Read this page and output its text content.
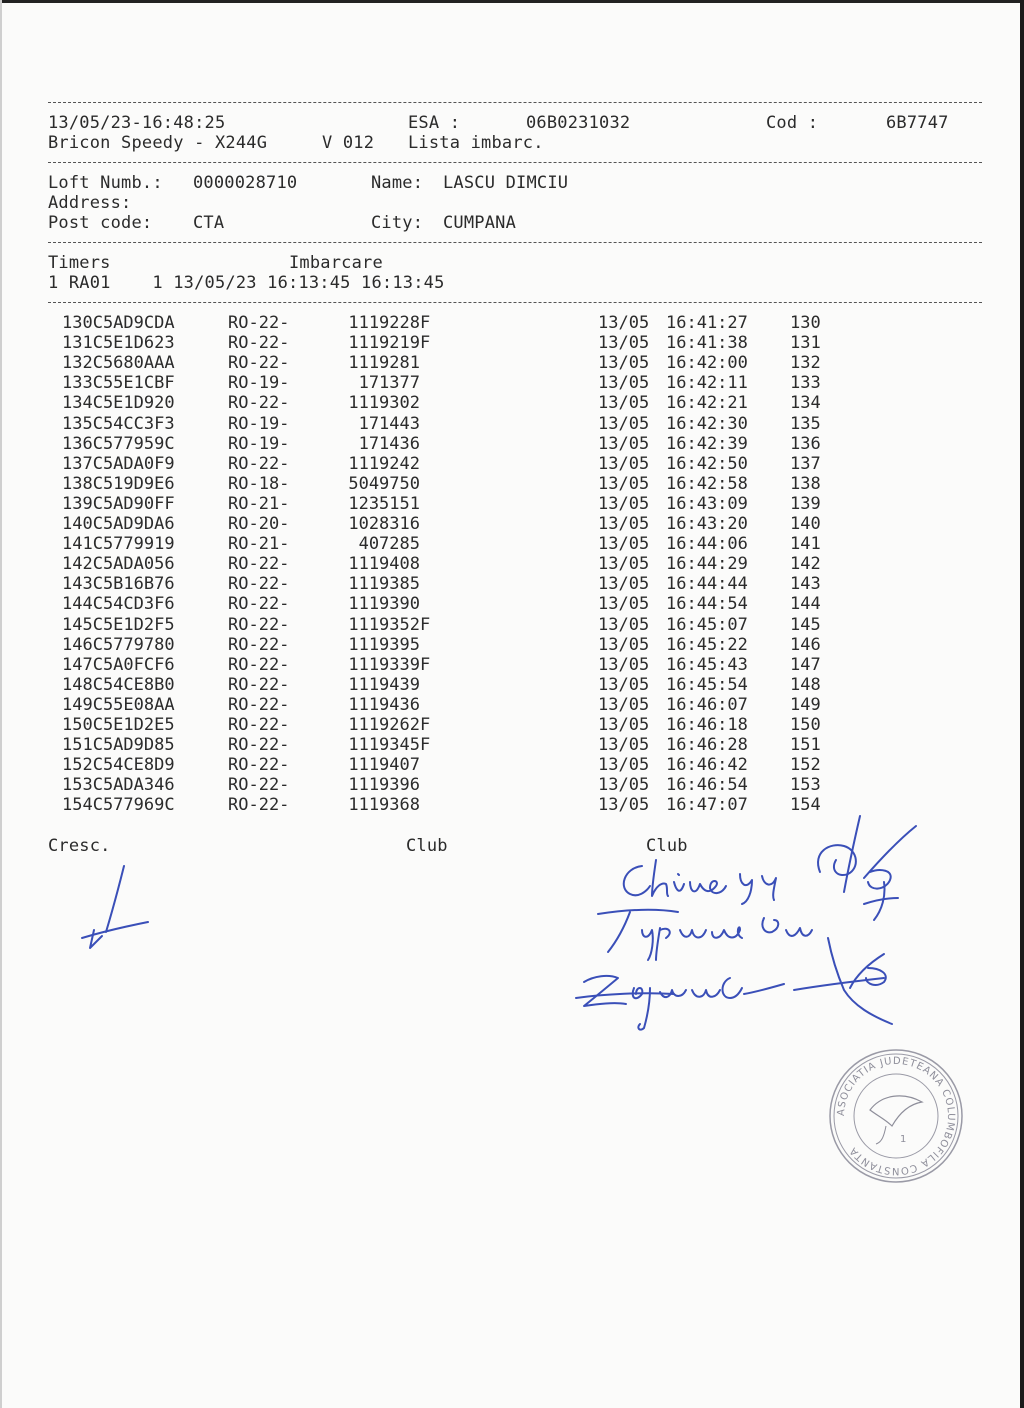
13/05/23-16:48:25	ESA :	06B0231032	Cod :	6B7747
Bricon Speedy - X244G	V 012 Lista imbarc.
Loft Numb.: 0000028710	Name: LASCU DIMCIU
Address:
Post code: CTA	City: CUMPANA
Timers	Imbarcare
1 RA01    1 13/05/23 16:13:45 16:13:45
130C5AD9CDA	RO-22-	1119228 F	13/05 16:41:27 130
131C5E1D623	RO-22-	1119219 F	13/05 16:41:38 131
132C5680AAA	RO-22-	1119281	13/05 16:42:00 132
133C55E1CBF	RO-19-	171377	13/05 16:42:11 133
134C5E1D920	RO-22-	1119302	13/05 16:42:21 134
135C54CC3F3	RO-19-	171443	13/05 16:42:30 135
136C577959C	RO-19-	171436	13/05 16:42:39 136
137C5ADA0F9	RO-22-	1119242	13/05 16:42:50 137
138C519D9E6	RO-18-	5049750	13/05 16:42:58 138
139C5AD90FF	RO-21-	1235151	13/05 16:43:09 139
140C5AD9DA6	RO-20-	1028316	13/05 16:43:20 140
141C5779919	RO-21-	407285	13/05 16:44:06 141
142C5ADA056	RO-22-	1119408	13/05 16:44:29 142
143C5B16B76	RO-22-	1119385	13/05 16:44:44 143
144C54CD3F6	RO-22-	1119390	13/05 16:44:54 144
145C5E1D2F5	RO-22-	1119352 F	13/05 16:45:07 145
146C5779780	RO-22-	1119395	13/05 16:45:22 146
147C5A0FCF6	RO-22-	1119339 F	13/05 16:45:43 147
148C54CE8B0	RO-22-	1119439	13/05 16:45:54 148
149C55E08AA	RO-22-	1119436	13/05 16:46:07 149
150C5E1D2E5	RO-22-	1119262 F	13/05 16:46:18 150
151C5AD9D85	RO-22-	1119345 F	13/05 16:46:28 151
152C54CE8D9	RO-22-	1119407	13/05 16:46:42 152
153C5ADA346	RO-22-	1119396	13/05 16:46:54 153
154C577969C	RO-22-	1119368	13/05 16:47:07 154
Cresc.	Club	Club
ASOCIATIA JUDETEANA COLUMBOFILA CONSTANTA
1
